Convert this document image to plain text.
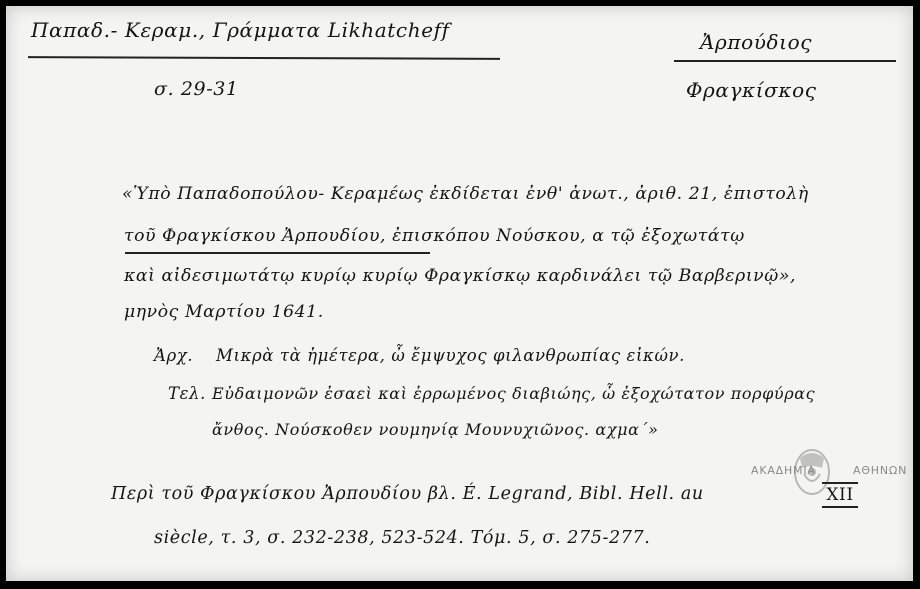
Παπαδ.- Κεραμ., Γράμματα Likhatcheff
σ. 29-31
Ἀρπούδιος
Φραγκίσκος
«Ὑπὸ Παπαδοπούλου- Κεραμέως ἐκδίδεται ἐνθ' ἀνωτ., ἀριθ. 21, ἐπιστολὴ
τοῦ Φραγκίσκου Ἀρπουδίου, ἐπισκόπου Νούσκου, α τῷ ἐξοχωτάτῳ
καὶ αἰδεσιμωτάτῳ κυρίῳ κυρίῳ Φραγκίσκῳ καρδινάλει τῷ Βαρβερινῷ»,
μηνὸς Μαρτίου 1641.
Ἀρχ. Μικρὰ τὰ ἡμέτερα, ὦ ἔμψυχος φιλανθρωπίας εἰκών.
Τελ. Εὐδαιμονῶν ἐσαεὶ καὶ ἐρρωμένος διαβιώης, ὦ ἐξοχώτατον πορφύρας
ἄνθος. Νούσκοθεν νουμηνίᾳ Μουνυχιῶνος. αχμα΄»
ΑΚΑΔΗΜΙΑ	ΑΘΗΝΩΝ
Περὶ τοῦ Φραγκίσκου Ἀρπουδίου βλ. É. Legrand, Bibl. Hell. au	XII
siècle, τ. 3, σ. 232-238, 523-524. Τόμ. 5, σ. 275-277.
